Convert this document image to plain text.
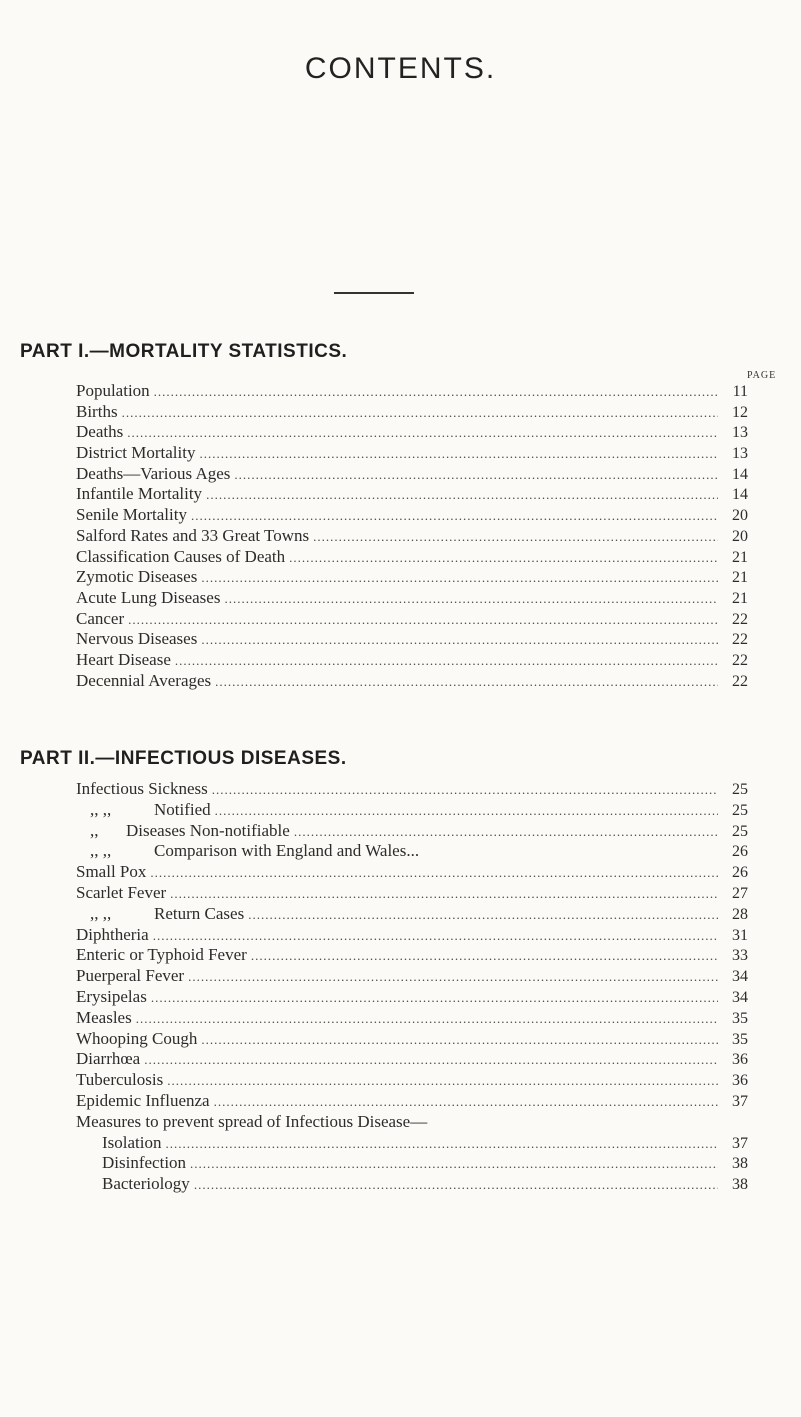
CONTENTS.
PART I.—MORTALITY STATISTICS.
PAGE
Population .....	11
Births .....	12
Deaths .....	13
District Mortality .....	13
Deaths—Various Ages .....	14
Infantile Mortality .....	14
Senile Mortality .....	20
Salford Rates and 33 Great Towns .....	20
Classification Causes of Death .....	21
Zymotic Diseases .....	21
Acute Lung Diseases .....	21
Cancer .....	22
Nervous Diseases .....	22
Heart Disease .....	22
Decennial Averages .....	22
PART II.—INFECTIOUS DISEASES.
Infectious Sickness .....	25
,, ,,	Notified .....	25
,, Diseases Non-notifiable .....	25
,, ,,	Comparison with England and Wales...	26
Small Pox .....	26
Scarlet Fever .....	27
,, ,,	Return Cases .....	28
Diphtheria .....	31
Enteric or Typhoid Fever .....	33
Puerperal Fever .....	34
Erysipelas .....	34
Measles .....	35
Whooping Cough .....	35
Diarrhœa .....	36
Tuberculosis .....	36
Epidemic Influenza .....	37
Measures to prevent spread of Infectious Disease—
Isolation .....	37
Disinfection .....	38
Bacteriology .....	38
